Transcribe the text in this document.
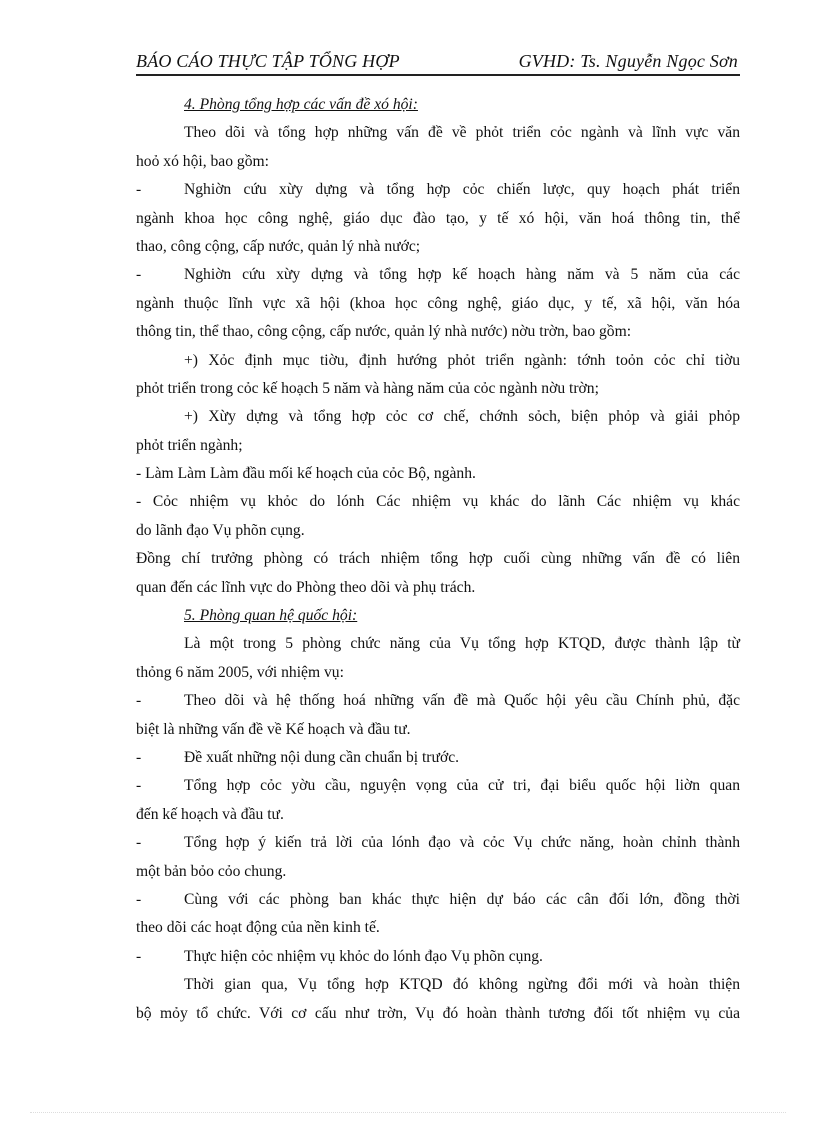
BÁO CÁO THỰC TẬP TỔNG HỢP	GVHD: Ts. Nguyễn Ngọc Sơn
4. Phòng tổng hợp các vấn đề xó hội:
Theo dõi và tổng hợp những vấn đề về phỏt triển cỏc ngành và lĩnh vực văn
hoỏ xó hội, bao gồm:
-	Nghiờn cứu xừy dựng và tổng hợp cỏc chiến lược, quy hoạch phát triển
ngành khoa học công nghệ, giáo dục đào tạo, y tế xó hội, văn hoá thông tin, thể
thao, công cộng, cấp nước, quản lý nhà nước;
-	Nghiờn cứu xừy dựng và tổng hợp kế hoạch hàng năm và 5 năm của các
ngành thuộc lĩnh vực xã hội (khoa học công nghệ, giáo dục, y tế, xã hội, văn hóa
thông tin, thể thao, công cộng, cấp nước, quản lý nhà nước) nờu trờn, bao gồm:
+) Xỏc định mục tiờu, định hướng phỏt triển ngành: tớnh toỏn cỏc chỉ tiờu
phỏt triển trong cỏc kế hoạch 5 năm và hàng năm của cỏc ngành nờu trờn;
+) Xừy dựng và tổng hợp cỏc cơ chế, chớnh sỏch, biện phỏp và giải phỏp
phỏt triển ngành;
- Làm Làm Làm đầu mối kế hoạch của cỏc Bộ, ngành.
- Cỏc nhiệm vụ khỏc do lónh Các nhiệm vụ khác do lãnh Các nhiệm vụ khác
do lãnh đạo Vụ phõn cụng.
Đồng chí trưởng phòng có trách nhiệm tổng hợp cuối cùng những vấn đề có liên
quan đến các lĩnh vực do Phòng theo dõi và phụ trách.
5. Phòng quan hệ quốc hội:
Là một trong 5 phòng chức năng của Vụ tổng hợp KTQD, được thành lập từ
thỏng 6 năm 2005, với nhiệm vụ:
-	Theo dõi và hệ thống hoá những vấn đề mà Quốc hội yêu cầu Chính phủ, đặc
biệt là những vấn đề về Kế hoạch và đầu tư.
-	Đề xuất những nội dung cần chuẩn bị trước.
-	Tổng hợp cỏc yờu cầu, nguyện vọng của cử tri, đại biểu quốc hội liờn quan
đến kế hoạch và đầu tư.
-	Tổng hợp ý kiến trả lời của lónh đạo và cỏc Vụ chức năng, hoàn chỉnh thành
một bản bỏo cỏo chung.
-	Cùng với các phòng ban khác thực hiện dự báo các cân đối lớn, đồng thời
theo dõi các hoạt động của nền kinh tế.
-	Thực hiện cỏc nhiệm vụ khỏc do lónh đạo Vụ phõn cụng.
Thời gian qua, Vụ tổng hợp KTQD đó không ngừng đổi mới và hoàn thiện
bộ mỏy tổ chức. Với cơ cấu như trờn, Vụ đó hoàn thành tương đối tốt nhiệm vụ của
